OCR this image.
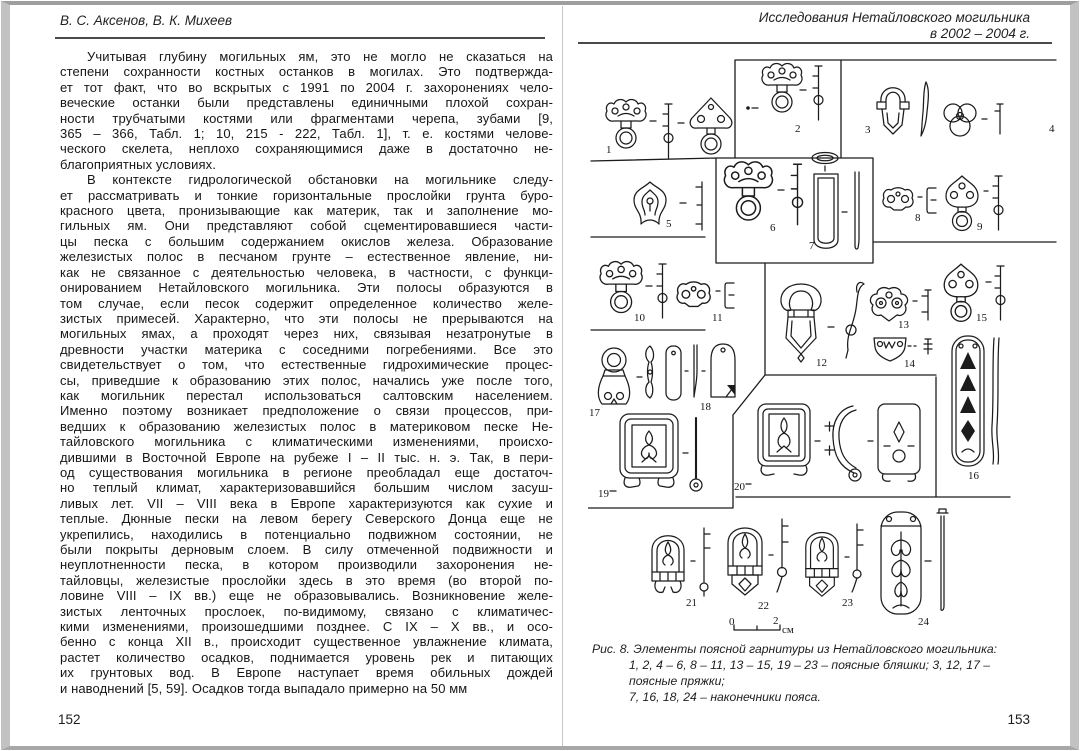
В. С. Аксенов, В. К. Михеев	Исследования Нетайловского могильника
в 2002 – 2004 г.
Учитывая глубину могильных ям, это не могло не сказаться на
степени сохранности костных останков в могилах. Это подтвержда-
ет тот факт, что во вскрытых с 1991 по 2004 г. захоронениях чело-
веческие останки были представлены единичными плохой сохран-
ности трубчатыми костями или фрагментами черепа, зубами [9,
365 – 366, Табл. 1; 10, 215 - 222, Табл. 1], т. е. костями челове-
ческого скелета, неплохо сохраняющимися даже в достаточно не-
благоприятных условиях.
В контексте гидрологической обстановки на могильнике следу-
ет рассматривать и тонкие горизонтальные прослойки грунта буро-
красного цвета, пронизывающие как материк, так и заполнение мо-
гильных ям. Они представляют собой сцементировавшиеся части-
цы песка с большим содержанием окислов железа. Образование
железистых полос в песчаном грунте – естественное явление, ни-
как не связанное с деятельностью человека, в частности, с функци-
онированием Нетайловского могильника. Эти полосы образуются в
том случае, если песок содержит определенное количество желе-
зистых примесей. Характерно, что эти полосы не прерываются на
могильных ямах, а проходят через них, связывая незатронутые в
древности участки материка с соседними погребениями. Все это
свидетельствует о том, что естественные гидрохимические процес-
сы, приведшие к образованию этих полос, начались уже после того,
как могильник перестал использоваться салтовским населением.
Именно поэтому возникает предположение о связи процессов, при-
ведших к образованию железистых полос в материковом песке Не-
тайловского могильника с климатическими изменениями, происхо-
дившими в Восточной Европе на рубеже I – II тыс. н. э. Так, в пери-
од существования могильника в регионе преобладал еще достаточ-
но теплый климат, характеризовавшийся большим числом засуш-
ливых лет. VII – VIII века в Европе характеризуются как сухие и
теплые. Дюнные пески на левом берегу Северского Донца еще не
укрепились, находились в потенциально подвижном состоянии, не
были покрыты дерновым слоем. В силу отмеченной подвижности и
неуплотненности песка, в котором производили захоронения не-
тайловцы, железистые прослойки здесь в это время (во второй по-
ловине VIII – IX вв.) еще не образовывались. Возникновение желе-
зистых ленточных прослоек, по-видимому, связано с климатичес-
кими изменениями, произошедшими позднее. С IX – X вв., и осо-
бенно с конца XII в., происходит существенное увлажнение климата,
растет количество осадков, поднимается уровень рек и питающих
их грунтовых вод. В Европе наступает время обильных дождей
и наводнений [5, 59]. Осадков тогда выпадало примерно на 50 мм
1
2	3	4
5	6
7
8
9
10	11
12
13
14
15
16
17	18
19
20
21	22	23
24
0	2
см
Рис. 8. Элементы поясной гарнитуры из Нетайловского могильника:
1, 2, 4 – 6, 8 – 11, 13 – 15, 19 – 23 – поясные бляшки; 3, 12, 17 – поясные пряжки;
7, 16, 18, 24 – наконечники пояса.
152	153
